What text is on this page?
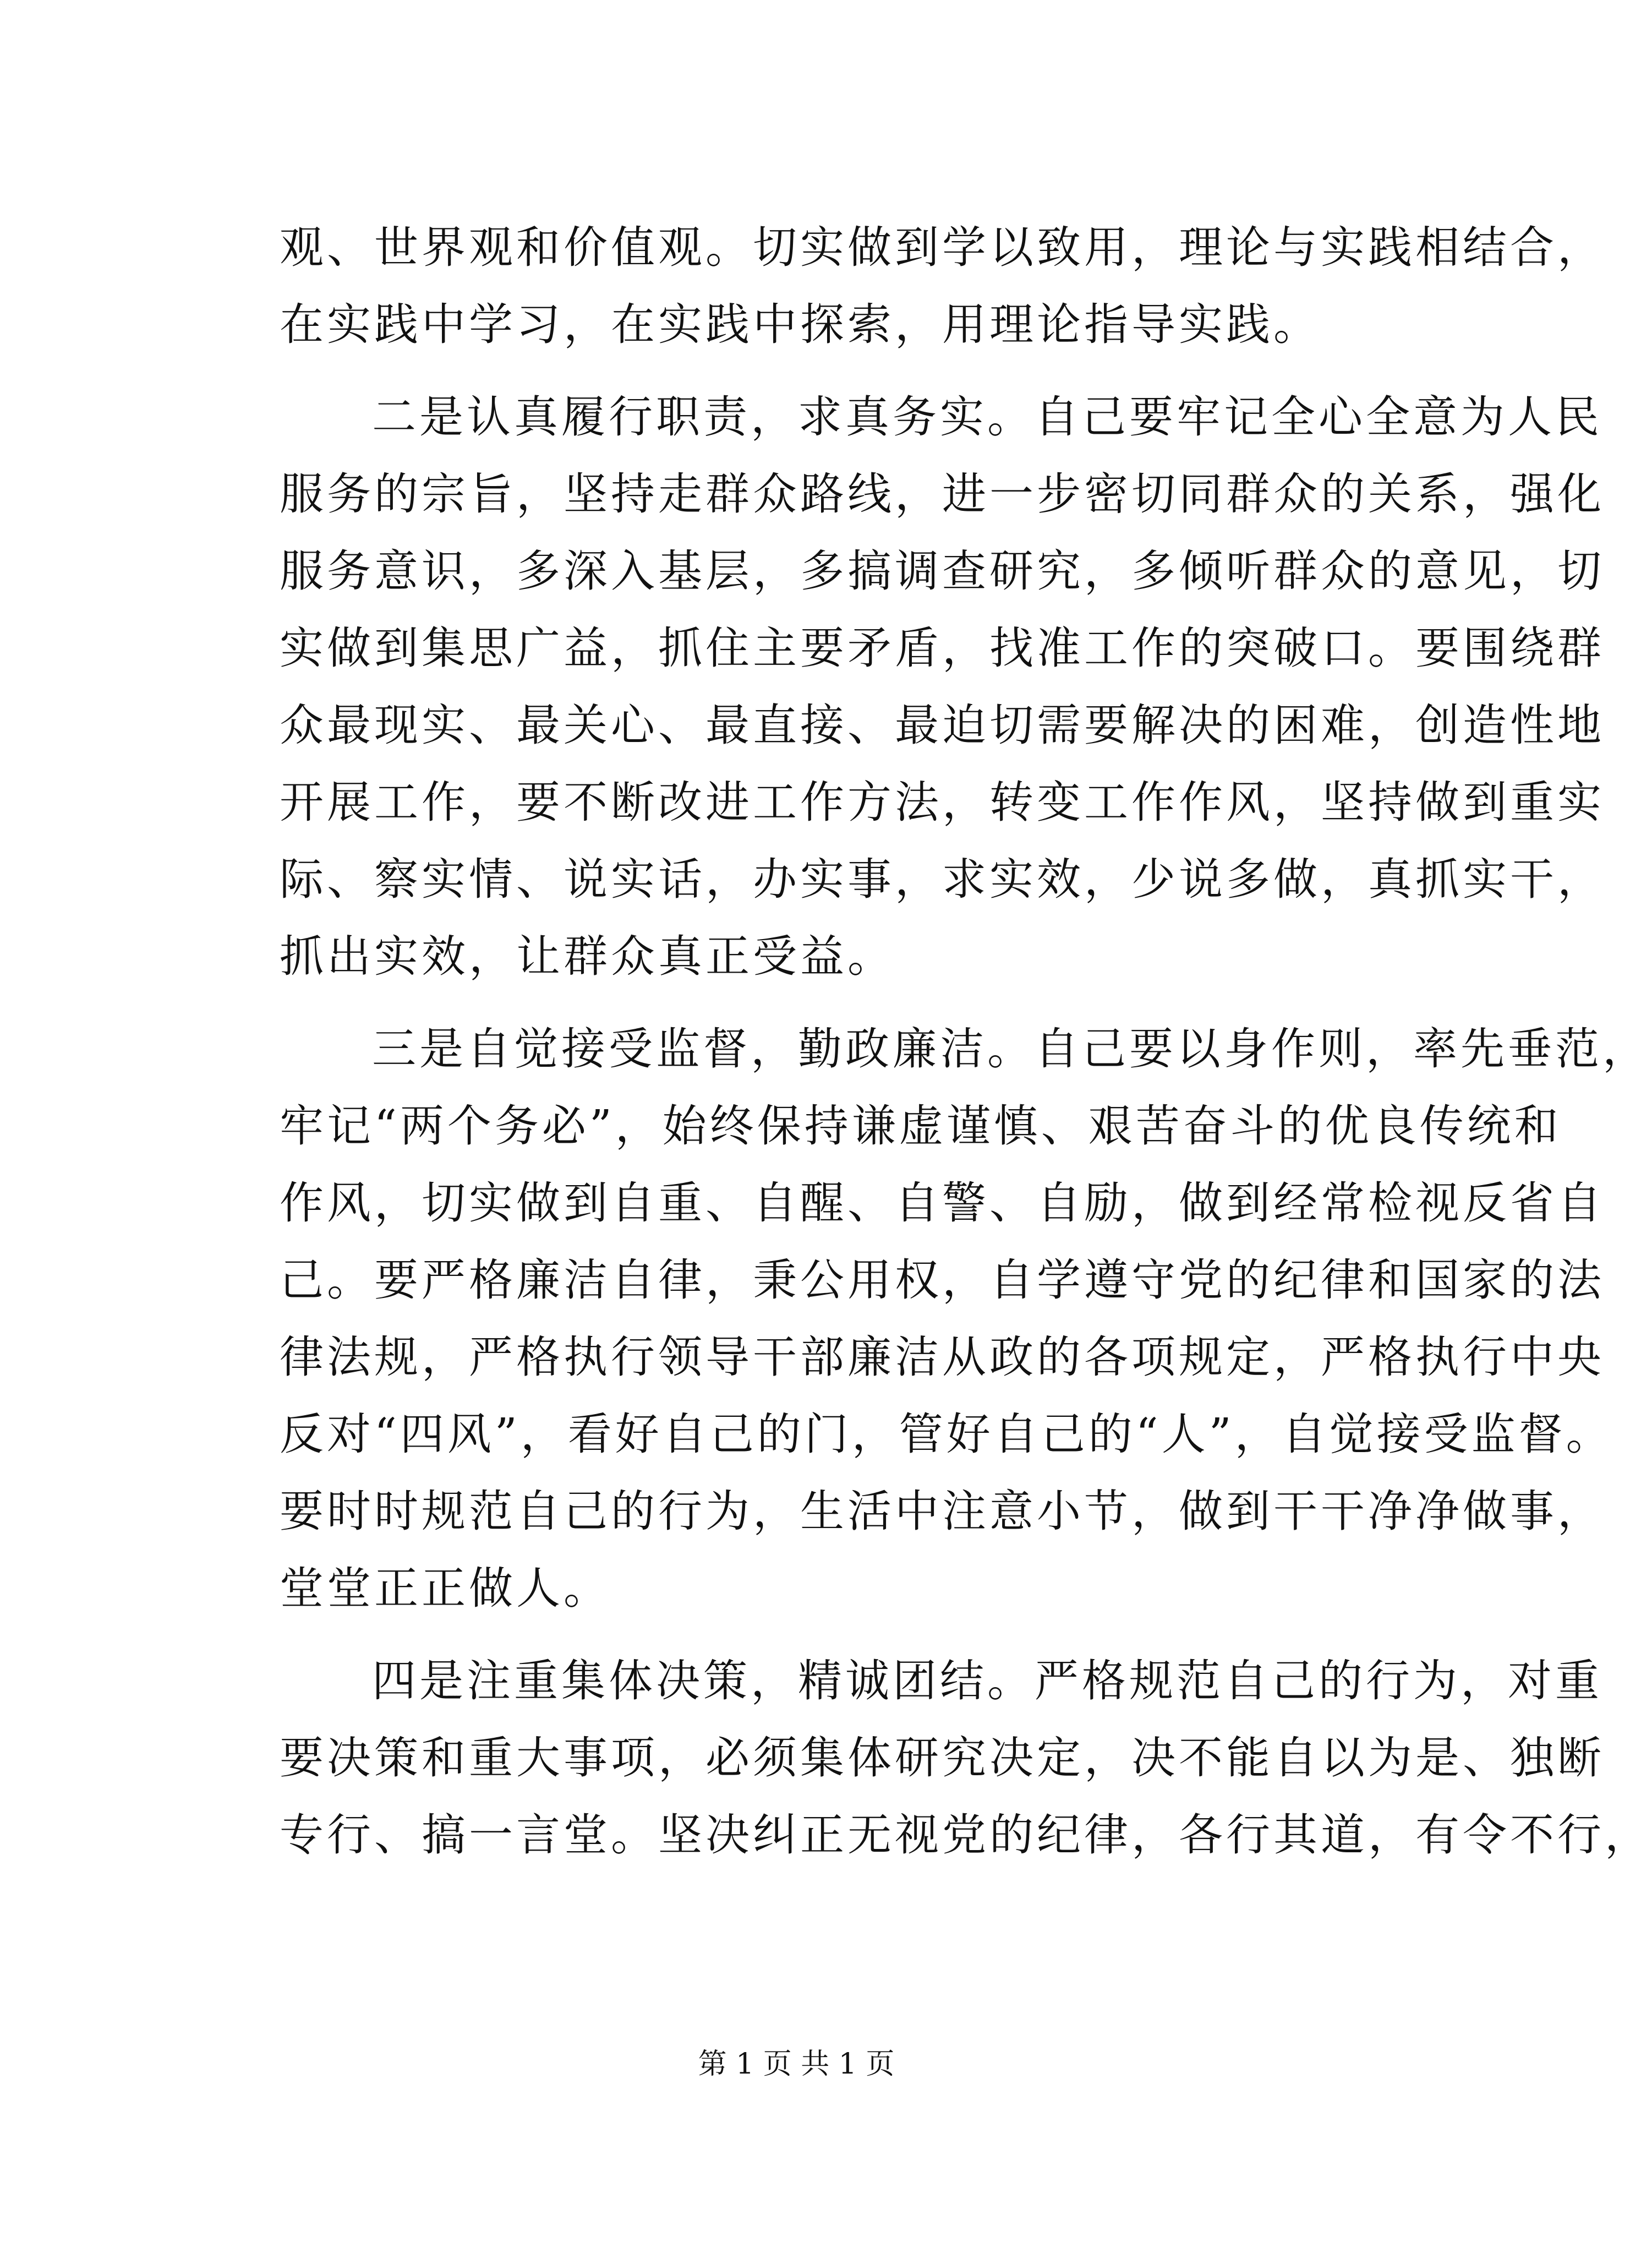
观、世界观和价值观。切实做到学以致用，理论与实践相结合，
在实践中学习，在实践中探索，用理论指导实践。
二是认真履行职责，求真务实。自己要牢记全心全意为人民
服务的宗旨，坚持走群众路线，进一步密切同群众的关系，强化
服务意识，多深入基层，多搞调查研究，多倾听群众的意见，切
实做到集思广益，抓住主要矛盾，找准工作的突破口。要围绕群
众最现实、最关心、最直接、最迫切需要解决的困难，创造性地
开展工作，要不断改进工作方法，转变工作作风，坚持做到重实
际、察实情、说实话，办实事，求实效，少说多做，真抓实干，
抓出实效，让群众真正受益。
三是自觉接受监督，勤政廉洁。自己要以身作则，率先垂范，
牢记“两个务必”，始终保持谦虚谨慎、艰苦奋斗的优良传统和
作风，切实做到自重、自醒、自警、自励，做到经常检视反省自
己。要严格廉洁自律，秉公用权，自学遵守党的纪律和国家的法
律法规，严格执行领导干部廉洁从政的各项规定，严格执行中央
反对“四风”，看好自己的门，管好自己的“人”，自觉接受监督。
要时时规范自己的行为，生活中注意小节，做到干干净净做事，
堂堂正正做人。
四是注重集体决策，精诚团结。严格规范自己的行为，对重
要决策和重大事项，必须集体研究决定，决不能自以为是、独断
专行、搞一言堂。坚决纠正无视党的纪律，各行其道，有令不行，
第 1 页 共 1 页
